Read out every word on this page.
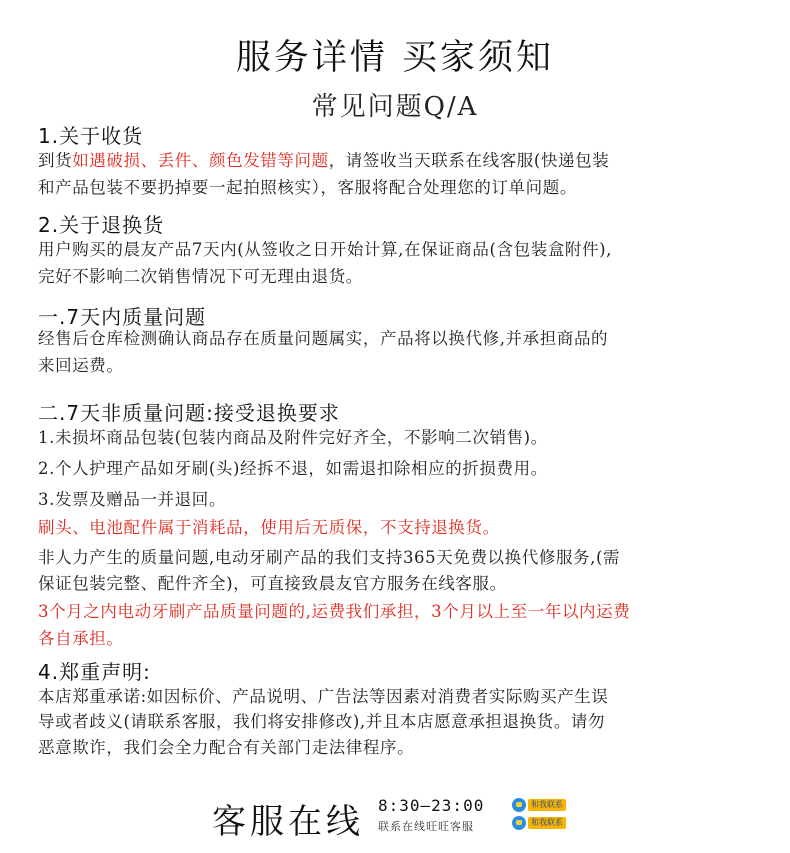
服务详情 买家须知
常见问题Q/A
1.关于收货
到货如遇破损、丢件、颜色发错等问题，请签收当天联系在线客服(快递包装
和产品包装不要扔掉要一起拍照核实），客服将配合处理您的订单问题。
2.关于退换货
用户购买的晨友产品7天内(从签收之日开始计算,在保证商品(含包装盒附件),
完好不影响二次销售情况下可无理由退货。
一.7天内质量问题
经售后仓库检测确认商品存在质量问题属实，产品将以换代修,并承担商品的
来回运费。
二.7天非质量问题:接受退换要求
1.未损坏商品包装(包装内商品及附件完好齐全，不影响二次销售)。
2.个人护理产品如牙刷(头)经拆不退，如需退扣除相应的折损费用。
3.发票及赠品一并退回。
刷头、电池配件属于消耗品，使用后无质保，不支持退换货。
非人力产生的质量问题,电动牙刷产品的我们支持365天免费以换代修服务,(需
保证包装完整、配件齐全)，可直接致晨友官方服务在线客服。
3个月之内电动牙刷产品质量问题的,运费我们承担，3个月以上至一年以内运费
各自承担。
4.郑重声明:
本店郑重承诺:如因标价、产品说明、广告法等因素对消费者实际购买产生误
导或者歧义(请联系客服，我们将安排修改),并且本店愿意承担退换货。请勿
恶意欺诈，我们会全力配合有关部门走法律程序。
客服在线 8:30—23:00
联系在线旺旺客服
和我联系
和我联系
